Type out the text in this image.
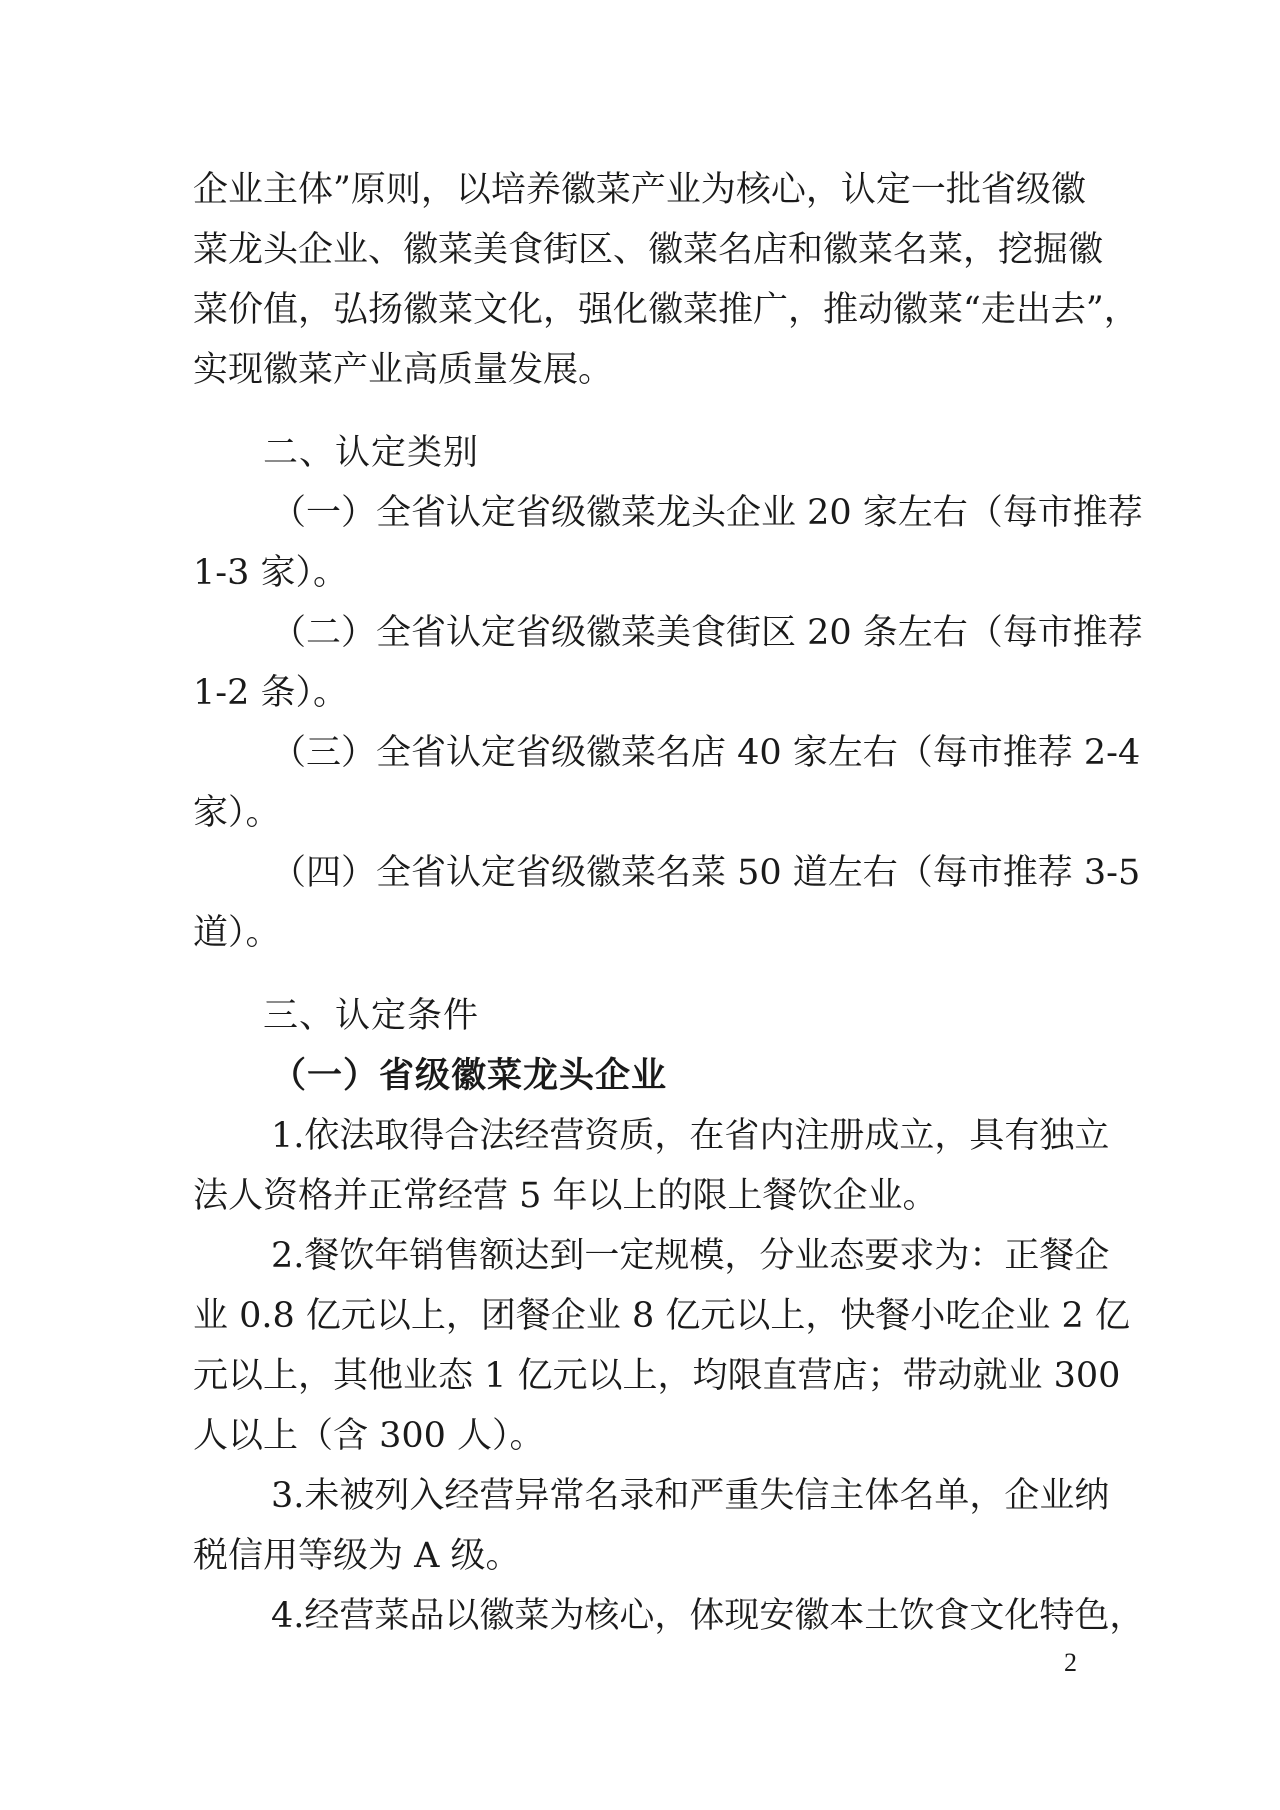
企业主体”原则，以培养徽菜产业为核心，认定一批省级徽
菜龙头企业、徽菜美食街区、徽菜名店和徽菜名菜，挖掘徽
菜价值，弘扬徽菜文化，强化徽菜推广，推动徽菜“走出去”，
实现徽菜产业高质量发展。
二、认定类别
（一）全省认定省级徽菜龙头企业 20 家左右（每市推荐
1-3 家）。
（二）全省认定省级徽菜美食街区 20 条左右（每市推荐
1-2 条）。
（三）全省认定省级徽菜名店 40 家左右（每市推荐 2-4
家）。
（四）全省认定省级徽菜名菜 50 道左右（每市推荐 3-5
道）。
三、认定条件
（一）省级徽菜龙头企业
1.依法取得合法经营资质，在省内注册成立，具有独立
法人资格并正常经营 5 年以上的限上餐饮企业。
2.餐饮年销售额达到一定规模，分业态要求为：正餐企
业 0.8 亿元以上，团餐企业 8 亿元以上，快餐小吃企业 2 亿
元以上，其他业态 1 亿元以上，均限直营店；带动就业 300
人以上（含 300 人）。
3.未被列入经营异常名录和严重失信主体名单，企业纳
税信用等级为 A 级。
4.经营菜品以徽菜为核心，体现安徽本土饮食文化特色，
2
